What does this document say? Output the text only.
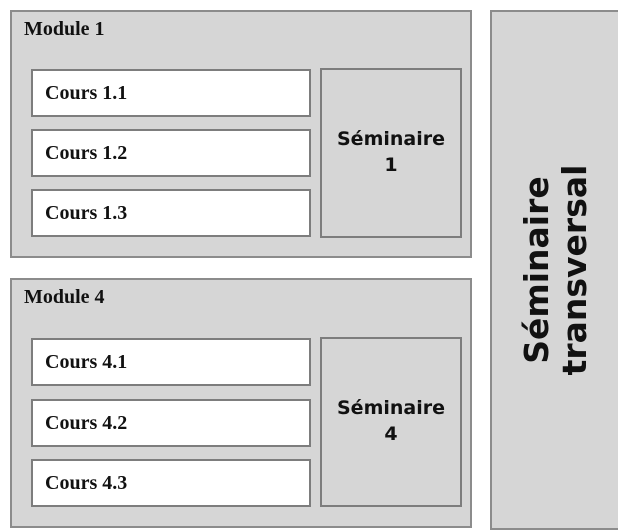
Module 1
Cours 1.1
Cours 1.2
Cours 1.3
Séminaire
1
Module 4
Cours 4.1
Cours 4.2
Cours 4.3
Séminaire
4
Séminaire
transversal
